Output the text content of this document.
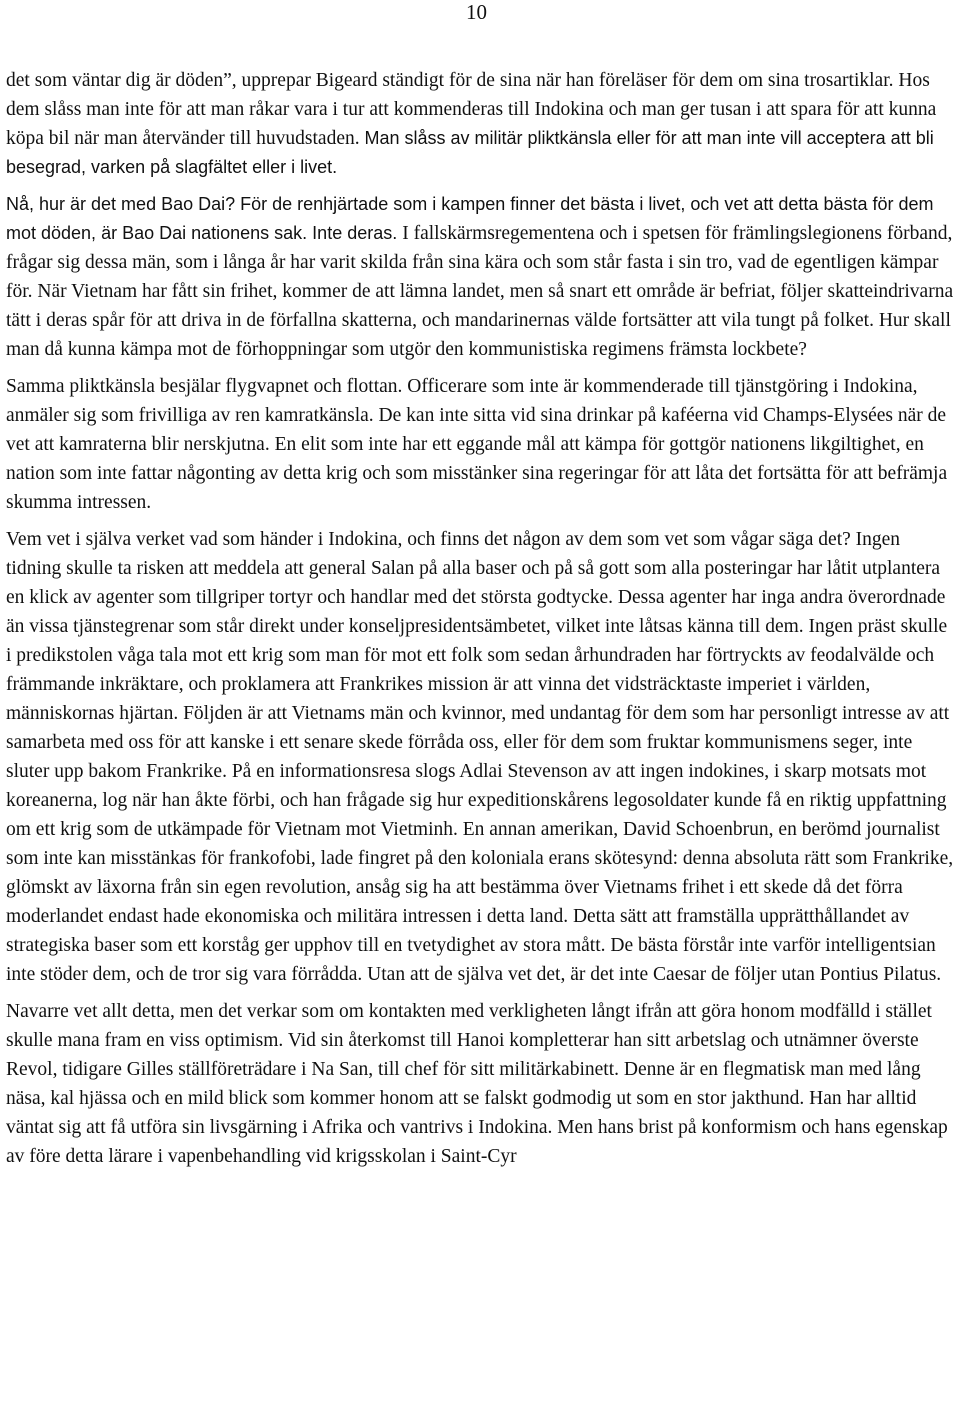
10

det som väntar dig är döden”, upprepar Bigeard ständigt för de sina när han föreläser för dem om sina trosartiklar. Hos dem slåss man inte för att man råkar vara i tur att kommenderas till Indokina och man ger tusan i att spara för att kunna köpa bil när man återvänder till huvudstaden. Man slåss av militär pliktkänsla eller för att man inte vill acceptera att bli besegrad, varken på slagfältet eller i livet.

Nå, hur är det med Bao Dai? För de renhjärtade som i kampen finner det bästa i livet, och vet att detta bästa för dem mot döden, är Bao Dai nationens sak. Inte deras. I fallskärmsregementena och i spetsen för främlingslegionens förband, frågar sig dessa män, som i långa år har varit skilda från sina kära och som står fasta i sin tro, vad de egentligen kämpar för. När Vietnam har fått sin frihet, kommer de att lämna landet, men så snart ett område är befriat, följer skatteindrivarna tätt i deras spår för att driva in de förfallna skatterna, och mandarinernas välde fortsätter att vila tungt på folket. Hur skall man då kunna kämpa mot de förhoppningar som utgör den kommunistiska regimens främsta lockbete?

Samma pliktkänsla besjälar flygvapnet och flottan. Officerare som inte är kommenderade till tjänstgöring i Indokina, anmäler sig som frivilliga av ren kamratkänsla. De kan inte sitta vid sina drinkar på kaféerna vid Champs-Elysées när de vet att kamraterna blir nerskjutna. En elit som inte har ett eggande mål att kämpa för gottgör nationens likgiltighet, en nation som inte fattar någonting av detta krig och som misstänker sina regeringar för att låta det fortsätta för att befrämja skumma intressen.

Vem vet i själva verket vad som händer i Indokina, och finns det någon av dem som vet som vågar säga det? Ingen tidning skulle ta risken att meddela att general Salan på alla baser och på så gott som alla posteringar har låtit utplantera en klick av agenter som tillgriper tortyr och handlar med det största godtycke. Dessa agenter har inga andra överordnade än vissa tjänstegrenar som står direkt under konseljpresidentsämbetet, vilket inte låtsas känna till dem. Ingen präst skulle i predikstolen våga tala mot ett krig som man för mot ett folk som sedan århundraden har förtryckts av feodalvälde och främmande inkräktare, och proklamera att Frankrikes mission är att vinna det vidsträcktaste imperiet i världen, människornas hjärtan. Följden är att Vietnams män och kvinnor, med undantag för dem som har personligt intresse av att samarbeta med oss för att kanske i ett senare skede förråda oss, eller för dem som fruktar kommunismens seger, inte sluter upp bakom Frankrike. På en informationsresa slogs Adlai Stevenson av att ingen indokines, i skarp motsats mot koreanerna, log när han åkte förbi, och han frågade sig hur expeditionskårens legosoldater kunde få en riktig uppfattning om ett krig som de utkämpade för Vietnam mot Vietminh. En annan amerikan, David Schoenbrun, en berömd journalist som inte kan misstänkas för frankofobi, lade fingret på den koloniala erans skötesynd: denna absoluta rätt som Frankrike, glömskt av läxorna från sin egen revolution, ansåg sig ha att bestämma över Vietnams frihet i ett skede då det förra moderlandet endast hade ekonomiska och militära intressen i detta land. Detta sätt att framställa upprätthållandet av strategiska baser som ett korståg ger upphov till en tvetydighet av stora mått. De bästa förstår inte varför intelligentsian inte stöder dem, och de tror sig vara förrådda. Utan att de själva vet det, är det inte Caesar de följer utan Pontius Pilatus.

Navarre vet allt detta, men det verkar som om kontakten med verkligheten långt ifrån att göra honom modfälld i stället skulle mana fram en viss optimism. Vid sin återkomst till Hanoi kompletterar han sitt arbetslag och utnämner överste Revol, tidigare Gilles ställföreträdare i Na San, till chef för sitt militärkabinett. Denne är en flegmatisk man med lång näsa, kal hjässa och en mild blick som kommer honom att se falskt godmodig ut som en stor jakthund. Han har alltid väntat sig att få utföra sin livsgärning i Afrika och vantrivs i Indokina. Men hans brist på konformism och hans egenskap av före detta lärare i vapenbehandling vid krigsskolan i Saint-Cyr
